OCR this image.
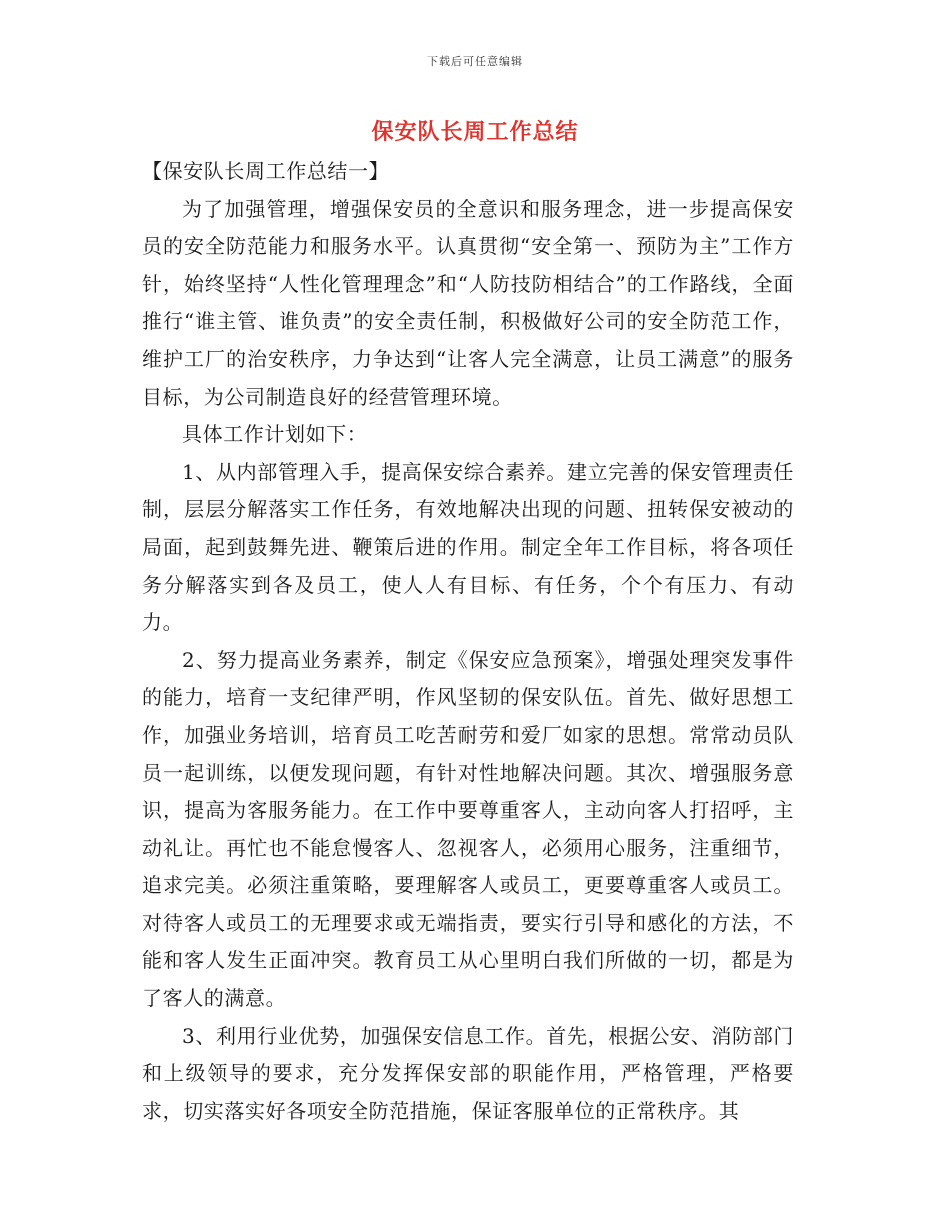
下载后可任意编辑
保安队长周工作总结

【保安队长周工作总结一】

为了加强管理，增强保安员的全意识和服务理念，进一步提高保安员的安全防范能力和服务水平。认真贯彻“安全第一、预防为主”工作方针，始终坚持“人性化管理理念”和“人防技防相结合”的工作路线，全面推行“谁主管、谁负责”的安全责任制，积极做好公司的安全防范工作，维护工厂的治安秩序，力争达到“让客人完全满意，让员工满意”的服务目标，为公司制造良好的经营管理环境。

具体工作计划如下：

1、从内部管理入手，提高保安综合素养。建立完善的保安管理责任制，层层分解落实工作任务，有效地解决出现的问题、扭转保安被动的局面，起到鼓舞先进、鞭策后进的作用。制定全年工作目标，将各项任务分解落实到各及员工，使人人有目标、有任务，个个有压力、有动力。

2、努力提高业务素养，制定《保安应急预案》，增强处理突发事件的能力，培育一支纪律严明，作风坚韧的保安队伍。首先、做好思想工作，加强业务培训，培育员工吃苦耐劳和爱厂如家的思想。常常动员队员一起训练，以便发现问题，有针对性地解决问题。其次、增强服务意识，提高为客服务能力。在工作中要尊重客人，主动向客人打招呼，主动礼让。再忙也不能怠慢客人、忽视客人，必须用心服务，注重细节，追求完美。必须注重策略，要理解客人或员工，更要尊重客人或员工。对待客人或员工的无理要求或无端指责，要实行引导和感化的方法，不能和客人发生正面冲突。教育员工从心里明白我们所做的一切，都是为了客人的满意。

3、利用行业优势，加强保安信息工作。首先，根据公安、消防部门和上级领导的要求，充分发挥保安部的职能作用，严格管理，严格要求，切实落实好各项安全防范措施，保证客服单位的正常秩序。其
